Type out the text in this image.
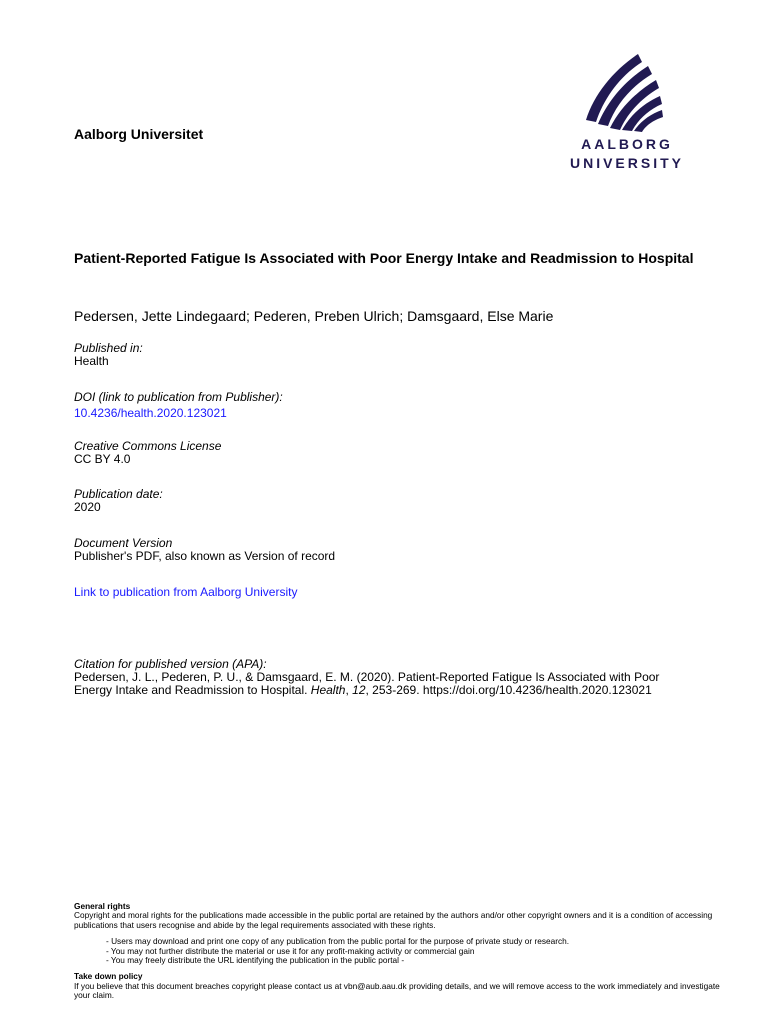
Aalborg Universitet
AALBORG
UNIVERSITY
Patient-Reported Fatigue Is Associated with Poor Energy Intake and Readmission to Hospital
Pedersen, Jette Lindegaard; Pederen, Preben Ulrich; Damsgaard, Else Marie
Published in:
Health
DOI (link to publication from Publisher):
10.4236/health.2020.123021
Creative Commons License
CC BY 4.0
Publication date:
2020
Document Version
Publisher's PDF, also known as Version of record
Link to publication from Aalborg University
Citation for published version (APA):
Pedersen, J. L., Pederen, P. U., & Damsgaard, E. M. (2020). Patient-Reported Fatigue Is Associated with Poor
Energy Intake and Readmission to Hospital. Health, 12, 253-269. https://doi.org/10.4236/health.2020.123021
General rights
Copyright and moral rights for the publications made accessible in the public portal are retained by the authors and/or other copyright owners and it is a condition of accessing publications that users recognise and abide by the legal requirements associated with these rights.
- Users may download and print one copy of any publication from the public portal for the purpose of private study or research.
- You may not further distribute the material or use it for any profit-making activity or commercial gain
- You may freely distribute the URL identifying the publication in the public portal -
Take down policy
If you believe that this document breaches copyright please contact us at vbn@aub.aau.dk providing details, and we will remove access to the work immediately and investigate your claim.
